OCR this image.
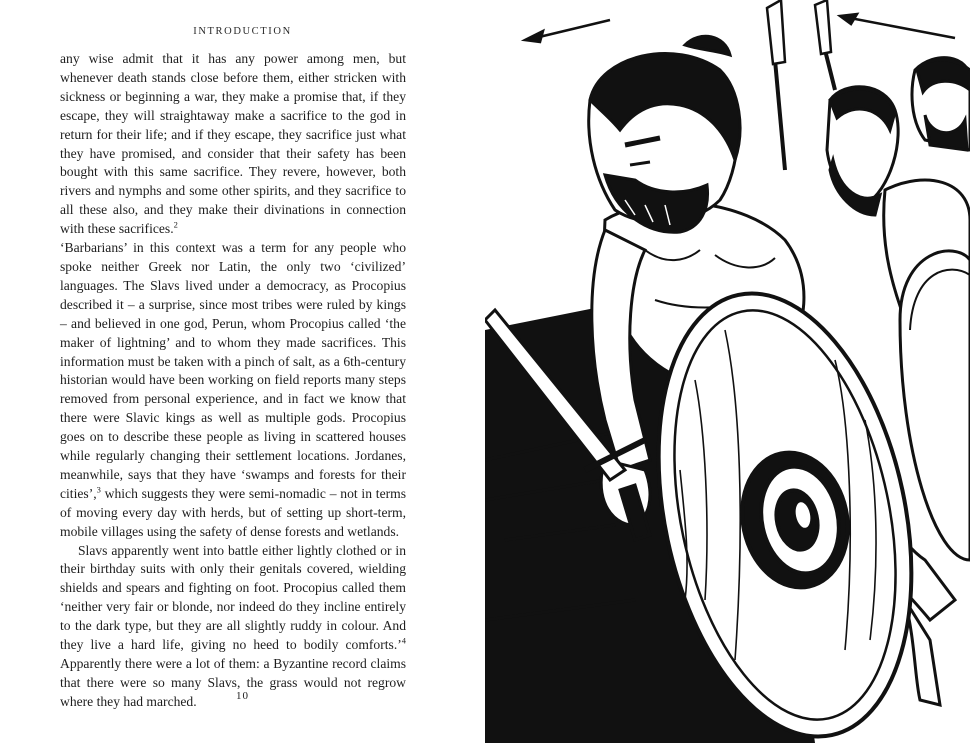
INTRODUCTION

any wise admit that it has any power among men, but whenever death stands close before them, either stricken with sickness or beginning a war, they make a promise that, if they escape, they will straightaway make a sacrifice to the god in return for their life; and if they escape, they sacrifice just what they have promised, and consider that their safety has been bought with this same sacrifice. They revere, however, both rivers and nymphs and some other spirits, and they sacrifice to all these also, and they make their divinations in connection with these sacrifices.$^2$

‘Barbarians’ in this context was a term for any people who spoke neither Greek nor Latin, the only two ‘civilized’ languages. The Slavs lived under a democracy, as Procopius described it – a surprise, since most tribes were ruled by kings – and believed in one god, Perun, whom Procopius called ‘the maker of lightning’ and to whom they made sacrifices. This information must be taken with a pinch of salt, as a 6th-century historian would have been working on field reports many steps removed from personal experience, and in fact we know that there were Slavic kings as well as multiple gods. Procopius goes on to describe these people as living in scattered houses while regularly changing their settlement locations. Jordanes, meanwhile, says that they have ‘swamps and forests for their cities’,$^3$ which suggests they were semi-nomadic – not in terms of moving every day with herds, but of setting up short-term, mobile villages using the safety of dense forests and wetlands.

Slavs apparently went into battle either lightly clothed or in their birthday suits with only their genitals covered, wielding shields and spears and fighting on foot. Procopius called them ‘neither very fair or blonde, nor indeed do they incline entirely to the dark type, but they are all slightly ruddy in colour. And they live a hard life, giving no heed to bodily comforts.’$^4$ Apparently there were a lot of them: a Byzantine record claims that there were so many Slavs, the grass would not regrow where they had marched.	10
